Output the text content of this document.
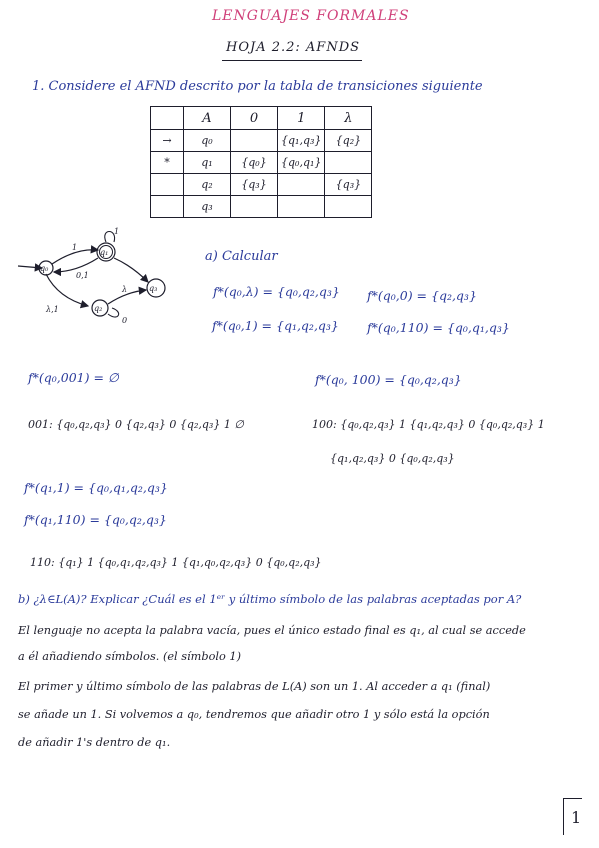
LENGUAJES FORMALES
HOJA 2.2: AFNDS
1. Considere el AFND descrito por la tabla de transiciones siguiente
	A	0	1	λ
→	q₀		{q₁,q₃}	{q₂}
*	q₁	{q₀}	{q₀,q₁}	
	q₂	{q₃}		{q₃}
	q₃			
q₀
q₁
q₂
q₃
1
0,1
λ,1
λ
0
1
a) Calcular
f*(q₀,λ) = {q₀,q₂,q₃} f*(q₀,0) = {q₂,q₃}
f*(q₀,1) = {q₁,q₂,q₃} f*(q₀,110) = {q₀,q₁,q₃}
f*(q₀,001) = ∅	f*(q₀, 100) = {q₀,q₂,q₃}
001: {q₀,q₂,q₃} 0 {q₂,q₃} 0 {q₂,q₃} 1 ∅	100: {q₀,q₂,q₃} 1 {q₁,q₂,q₃} 0 {q₀,q₂,q₃} 1
{q₁,q₂,q₃} 0 {q₀,q₂,q₃}
f*(q₁,1) = {q₀,q₁,q₂,q₃}
f*(q₁,110) = {q₀,q₂,q₃}
110: {q₁} 1 {q₀,q₁,q₂,q₃} 1 {q₁,q₀,q₂,q₃} 0 {q₀,q₂,q₃}
b) ¿λ∈L(A)? Explicar ¿Cuál es el 1ᵉʳ y último símbolo de las palabras aceptadas por A?
El lenguaje no acepta la palabra vacía, pues el único estado final es q₁, al cual se accede
a él añadiendo símbolos. (el símbolo 1)
El primer y último símbolo de las palabras de L(A) son un 1. Al acceder a q₁ (final)
se añade un 1. Si volvemos a q₀, tendremos que añadir otro 1 y sólo está la opción
de añadir 1's dentro de q₁.
1
